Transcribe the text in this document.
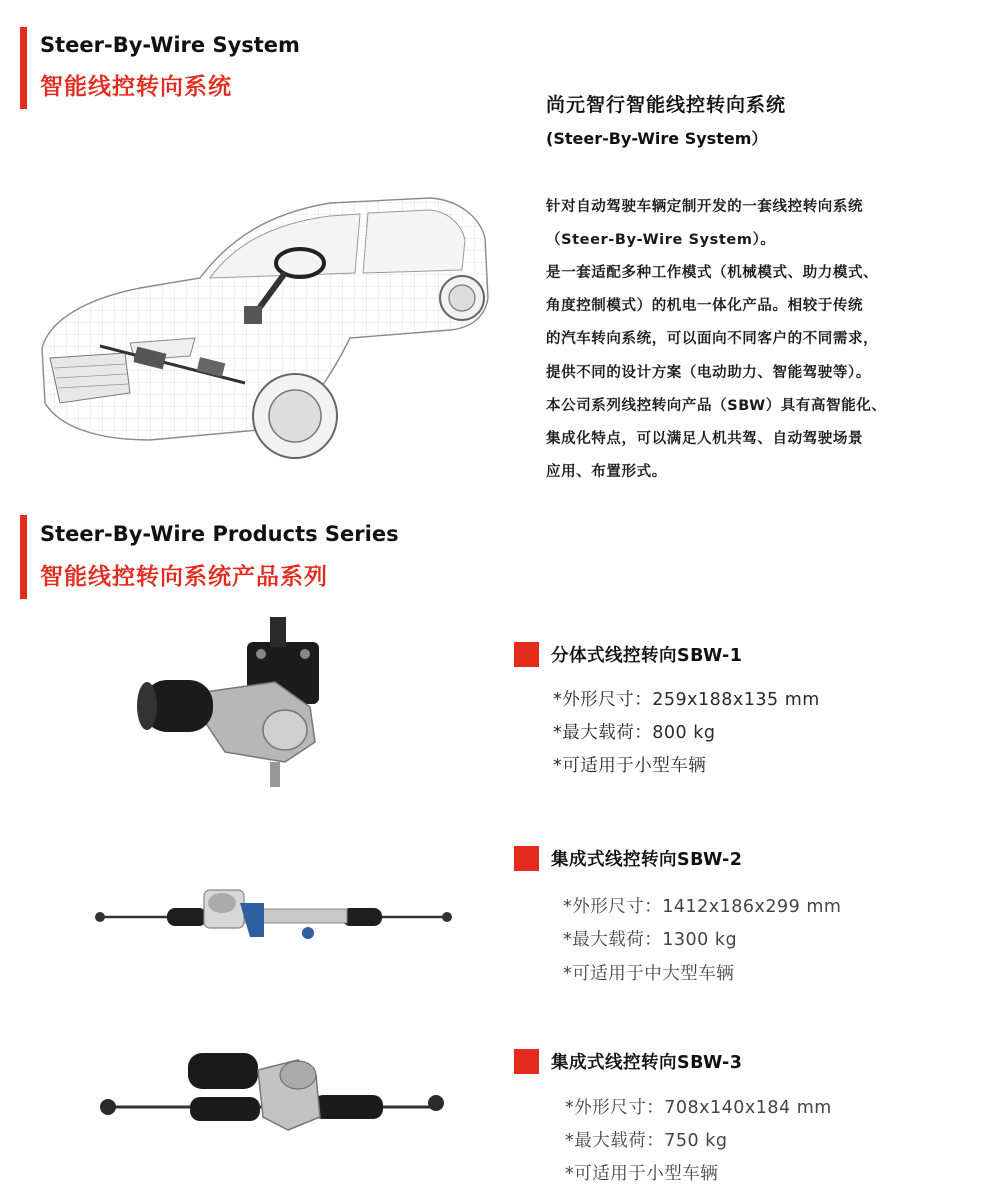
Steer-By-Wire System
智能线控转向系统
尚元智行智能线控转向系统
(Steer-By-Wire System）
针对自动驾驶车辆定制开发的一套线控转向系统
（Steer-By-Wire System）。
是一套适配多种工作模式（机械模式、助力模式、
角度控制模式）的机电一体化产品。相较于传统
的汽车转向系统，可以面向不同客户的不同需求，
提供不同的设计方案（电动助力、智能驾驶等）。
本公司系列线控转向产品（SBW）具有高智能化、
集成化特点，可以满足人机共驾、自动驾驶场景
应用、布置形式。
Steer-By-Wire Products Series
智能线控转向系统产品系列
分体式线控转向SBW-1
*外形尺寸：259x188x135 mm
*最大载荷：800 kg
*可适用于小型车辆
集成式线控转向SBW-2
*外形尺寸：1412x186x299 mm
*最大载荷：1300 kg
*可适用于中大型车辆
集成式线控转向SBW-3
*外形尺寸：708x140x184 mm
*最大载荷：750 kg
*可适用于小型车辆
